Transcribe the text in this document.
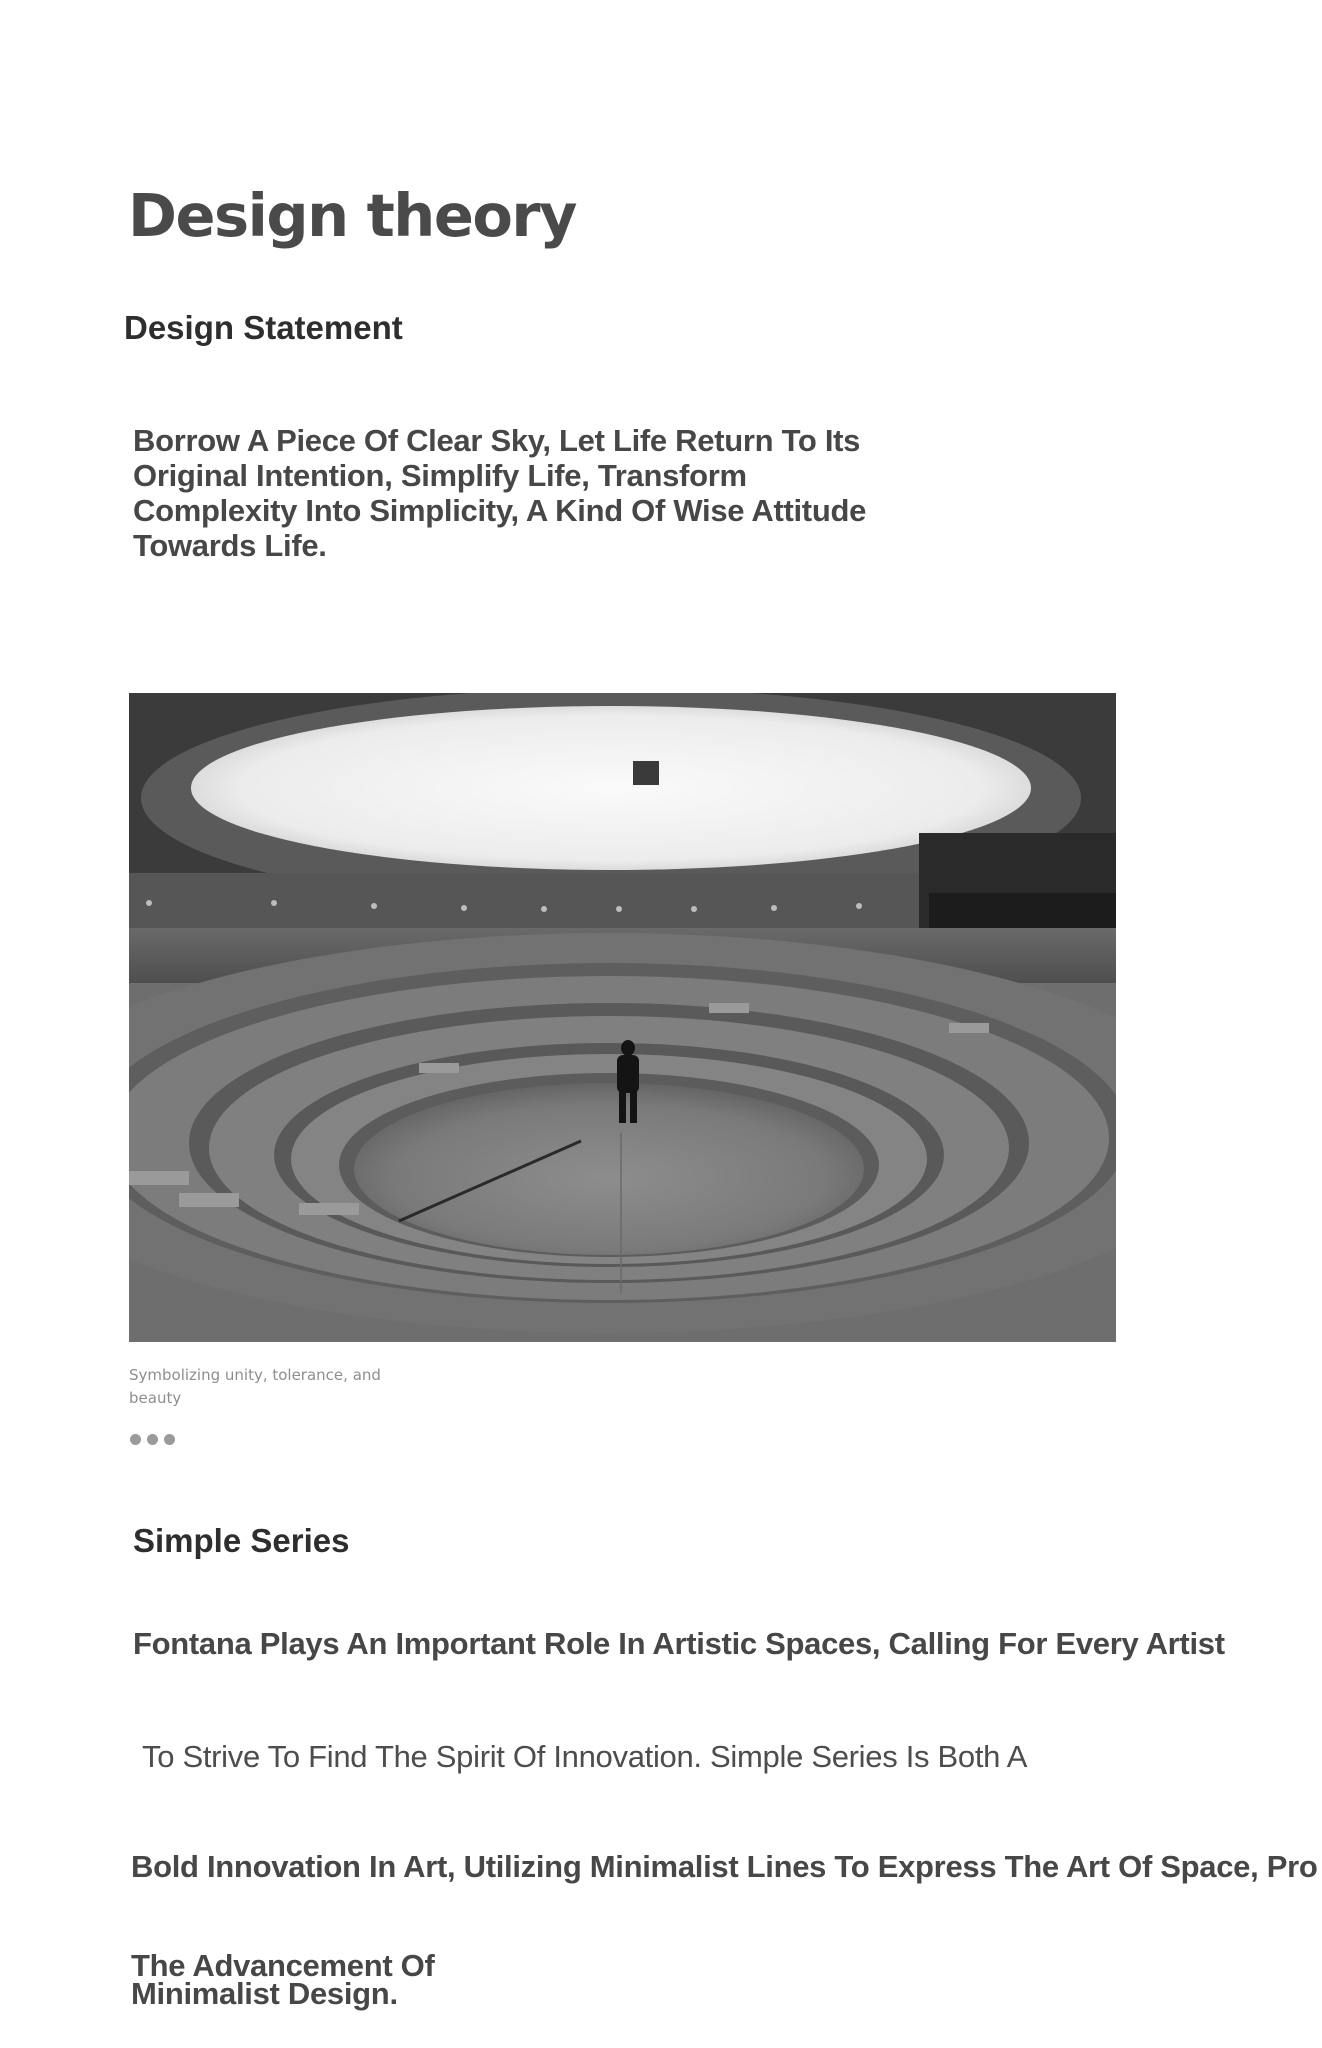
Design theory
Design Statement
Borrow A Piece Of Clear Sky, Let Life Return To Its Original Intention, Simplify Life, Transform Complexity Into Simplicity, A Kind Of Wise Attitude Towards Life.
Symbolizing unity, tolerance, and beauty
Simple Series
Fontana Plays An Important Role In Artistic Spaces, Calling For Every Artist
To Strive To Find The Spirit Of Innovation. Simple Series Is Both A
Bold Innovation In Art, Utilizing Minimalist Lines To Express The Art Of Space, Pro
The Advancement Of Minimalist Design.
